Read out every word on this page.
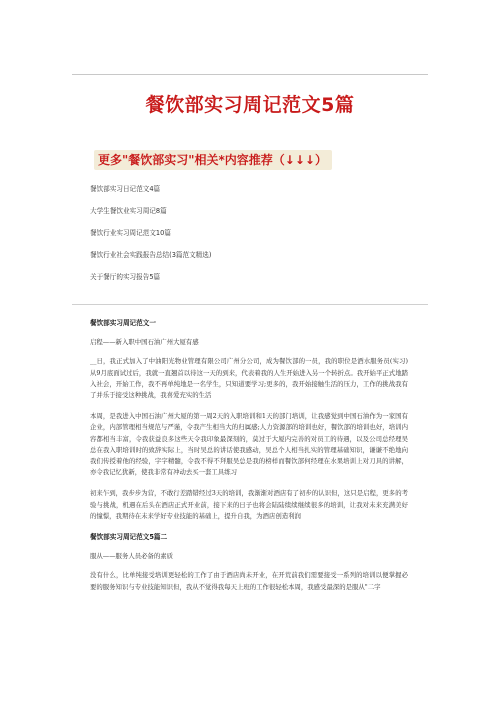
餐饮部实习周记范文5篇
更多"餐饮部实习"相关*内容推荐（↓↓↓）
餐饮部实习日记范文4篇
大学生餐饮业实习周记8篇
餐饮行业实习周记范文10篇
餐饮行业社会实践报告总结(3篇范文精选)
关于餐厅的实习报告5篇
餐饮部实习周记范文一
启程——新入职中国石油广州大厦有感

__日，我正式加入了中油阳光物业管理有限公司广州分公司，成为餐饮部的一员，我的职位是酒水服务员(实习)从9月底面试过后，我就一直翘首以待这一天的到来，代表着我的人生开始进入另一个转折点。我开始平正式地踏入社会，开始工作，我不再单纯地是一名学生，只知道要学习;更多的，我开始接触生活的压力，工作的挑战我有了并乐于接受这种挑战，我喜爱充实的生活

本周，是我进入中国石油广州大厦的第一周2天的入职培训和1天的部门培训，让我感觉到中国石油作为一家国有企业，内部管理相当规范与严谨，令我产生相当大的归属感;人力资源部的培训也好，餐饮部的培训也好，培训内容都相当丰富，令我获益良多这些天令我印象最深刻的，莫过于大厦内完善的对员工的待遇，以及公司总经理吴总在我入职培训时的致辞实际上，当时吴总的讲话使我感动，吴总个人相当扎实的管理基础知识，谦谦不绝地向我们传授着他的经验，字字精髓，令我不得不拜服吴总是我的榜样而餐饮部何经理在水果培训上对刀具的讲解，亦令我记忆犹新，使我非常有冲动去买一套工具练习

初来乍到，我步步为营，不敢行差踏错经过3天的培训，我渐渐对酒店有了初步的认识但，这只是启程，更多的考验与挑战，机遇在后头在酒店正式开业前，接下来的日子也将会陆陆续续继续很多的培训，让我对未来充满美好的憧憬，我期待在未来学好专业技能的基础上，提升自我，为酒店创造利润

餐饮部实习周记范文5篇二
服从——服务人员必备的素质

没有什么，比单纯接受培训更轻松的工作了由于酒店尚未开业，在开荒前我们需要接受一系列的培训以便掌握必要的服务知识与专业技能知识但，我从不觉得我每天上班的工作很轻松本周，我感受最深的是服从"二字
